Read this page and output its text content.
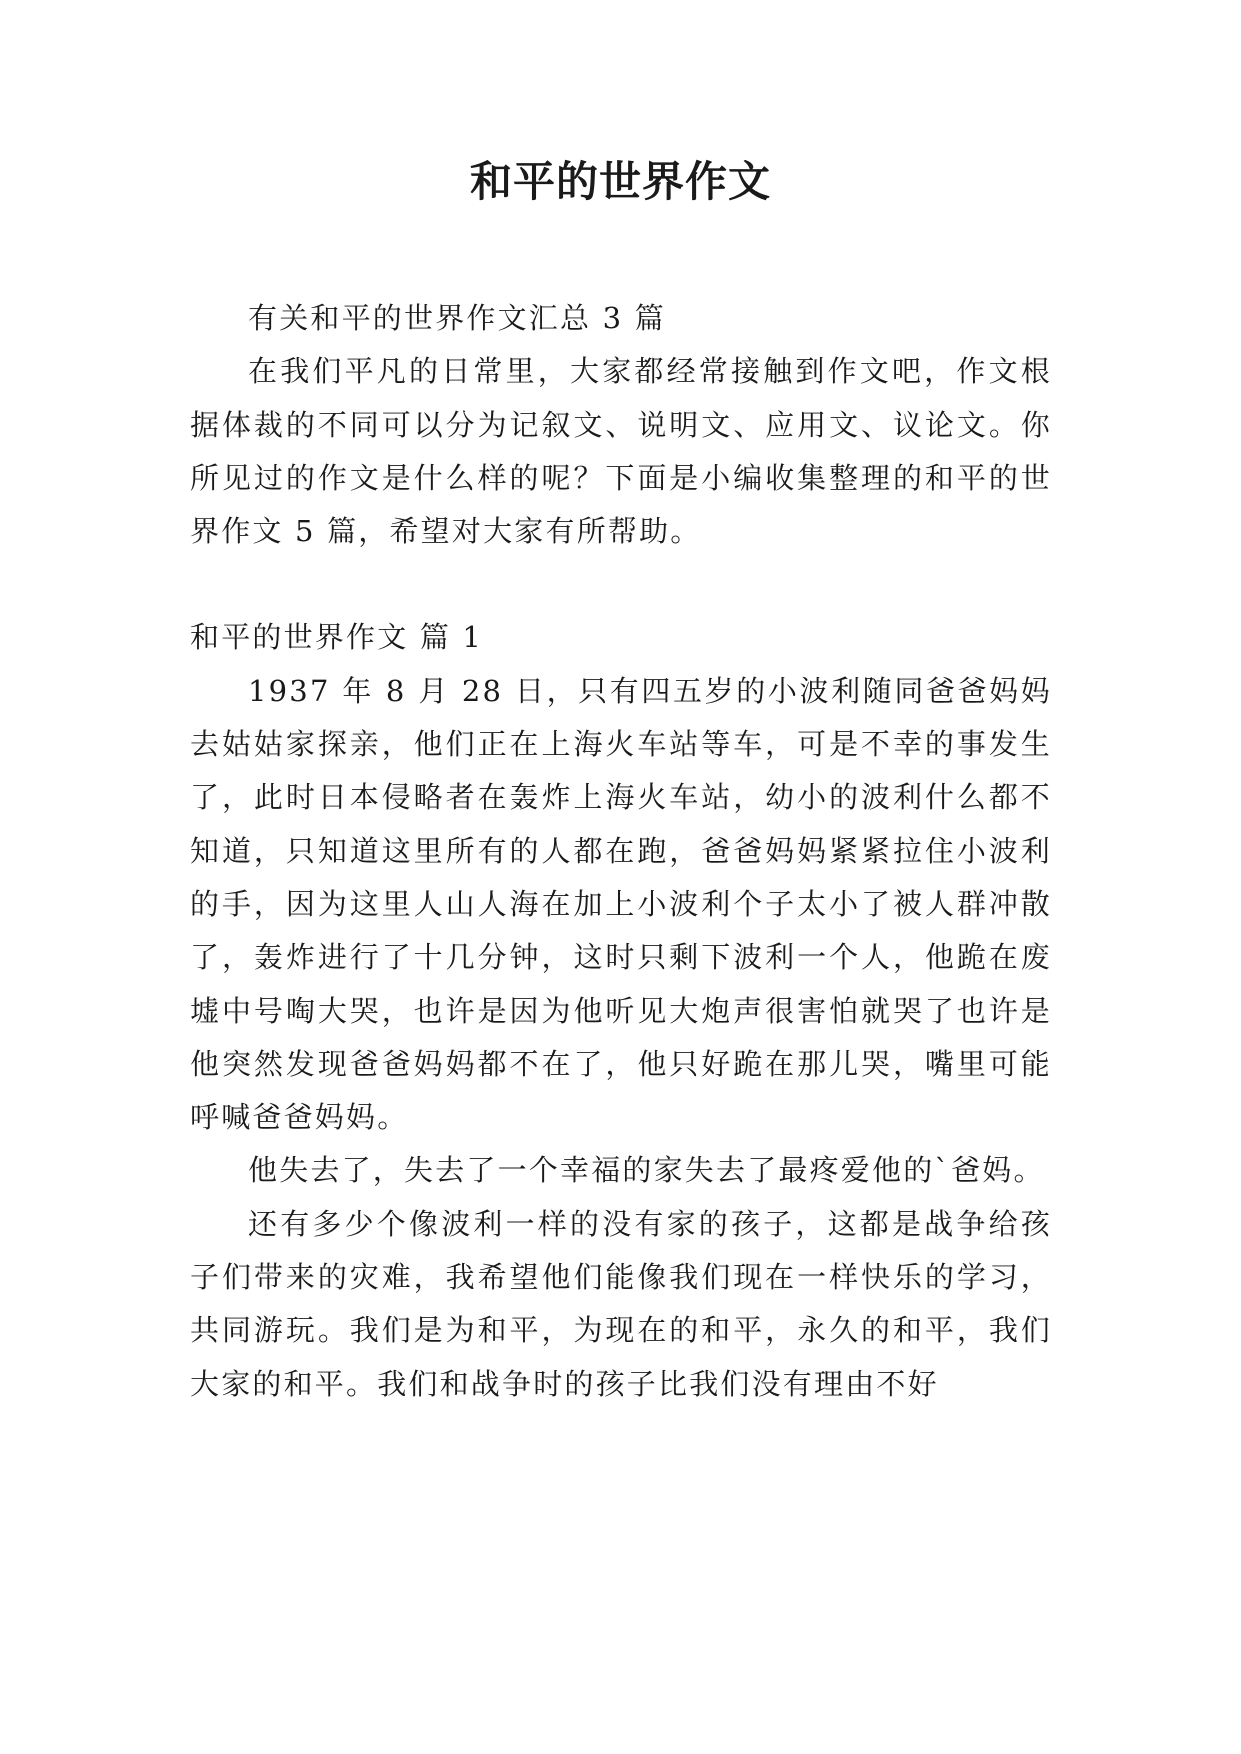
和平的世界作文

有关和平的世界作文汇总 3 篇

在我们平凡的日常里，大家都经常接触到作文吧，作文根据体裁的不同可以分为记叙文、说明文、应用文、议论文。你所见过的作文是什么样的呢？下面是小编收集整理的和平的世界作文 5 篇，希望对大家有所帮助。

和平的世界作文 篇 1

1937 年 8 月 28 日，只有四五岁的小波利随同爸爸妈妈去姑姑家探亲，他们正在上海火车站等车，可是不幸的事发生了，此时日本侵略者在轰炸上海火车站，幼小的波利什么都不知道，只知道这里所有的人都在跑，爸爸妈妈紧紧拉住小波利的手，因为这里人山人海在加上小波利个子太小了被人群冲散了，轰炸进行了十几分钟，这时只剩下波利一个人，他跪在废墟中号啕大哭，也许是因为他听见大炮声很害怕就哭了也许是他突然发现爸爸妈妈都不在了，他只好跪在那儿哭，嘴里可能呼喊爸爸妈妈。

他失去了，失去了一个幸福的家失去了最疼爱他的`爸妈。

还有多少个像波利一样的没有家的孩子，这都是战争给孩子们带来的灾难，我希望他们能像我们现在一样快乐的学习，共同游玩。我们是为和平，为现在的和平，永久的和平，我们大家的和平。我们和战争时的孩子比我们没有理由不好
